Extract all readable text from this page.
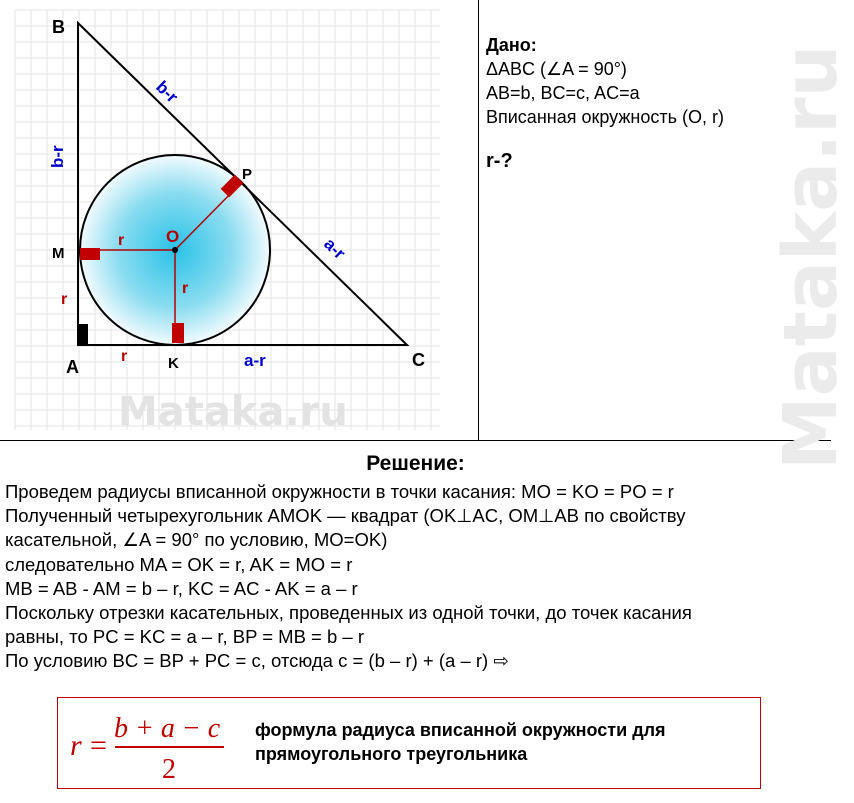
B
A	C
M
K
P
O
b-r
b-r
a-r
a-r
r
r
r
r
Mataka.ru
Дано:
ΔABC (∠A = 90°)
AB=b, BC=c, AC=a
Вписанная окружность (O, r)
r-?	Mataka.ru
Решение:
Проведем радиусы вписанной окружности в точки касания: MO = KO = PO = r
Полученный четырехугольник AMOK — квадрат (OK⊥AC, OM⊥AB по свойству
касательной, ∠A = 90° по условию, MO=OK)
следовательно MA = OK = r, AK = MO = r
MB = AB - AM = b – r, KC = AC - AK = a – r
Поскольку отрезки касательных, проведенных из одной точки, до точек касания
равны, то PC = KC = a – r, BP = MB = b – r
По условию BC = BP + PC = c, отсюда c = (b – r) + (a – r) ⇨
r =
b + a − c
2
формула радиуса вписанной окружности для
прямоугольного треугольника
